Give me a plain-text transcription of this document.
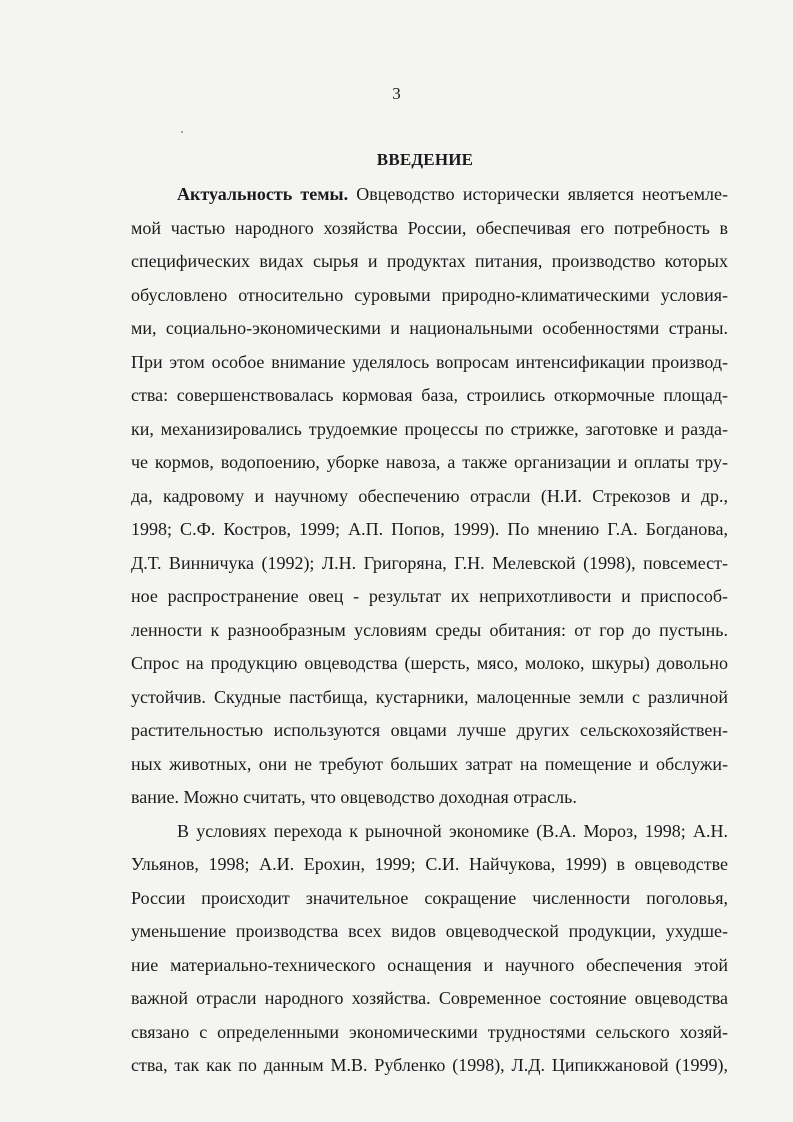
3
ВВЕДЕНИЕ

Актуальность темы. Овцеводство исторически является неотъемле-
мой частью народного хозяйства России, обеспечивая его потребность в
специфических видах сырья и продуктах питания, производство которых
обусловлено относительно суровыми природно-климатическими условия-
ми, социально-экономическими и национальными особенностями страны.
При этом особое внимание уделялось вопросам интенсификации производ-
ства: совершенствовалась кормовая база, строились откормочные площад-
ки, механизировались трудоемкие процессы по стрижке, заготовке и разда-
че кормов, водопоению, уборке навоза, а также организации и оплаты тру-
да, кадровому и научному обеспечению отрасли (Н.И. Стрекозов и др.,
1998; С.Ф. Костров, 1999; А.П. Попов, 1999). По мнению Г.А. Богданова,
Д.Т. Винничука (1992); Л.Н. Григоряна, Г.Н. Мелевской (1998), повсемест-
ное распространение овец - результат их неприхотливости и приспособ-
ленности к разнообразным условиям среды обитания: от гор до пустынь.
Спрос на продукцию овцеводства (шерсть, мясо, молоко, шкуры) довольно
устойчив. Скудные пастбища, кустарники, малоценные земли с различной
растительностью используются овцами лучше других сельскохозяйствен-
ных животных, они не требуют больших затрат на помещение и обслужи-
вание. Можно считать, что овцеводство доходная отрасль.

В условиях перехода к рыночной экономике (В.А. Мороз, 1998; А.Н.
Ульянов, 1998; А.И. Ерохин, 1999; С.И. Найчукова, 1999) в овцеводстве
России происходит значительное сокращение численности поголовья,
уменьшение производства всех видов овцеводческой продукции, ухудше-
ние материально-технического оснащения и научного обеспечения этой
важной отрасли народного хозяйства. Современное состояние овцеводства
связано с определенными экономическими трудностями сельского хозяй-
ства, так как по данным М.В. Рубленко (1998), Л.Д. Ципикжановой (1999),
